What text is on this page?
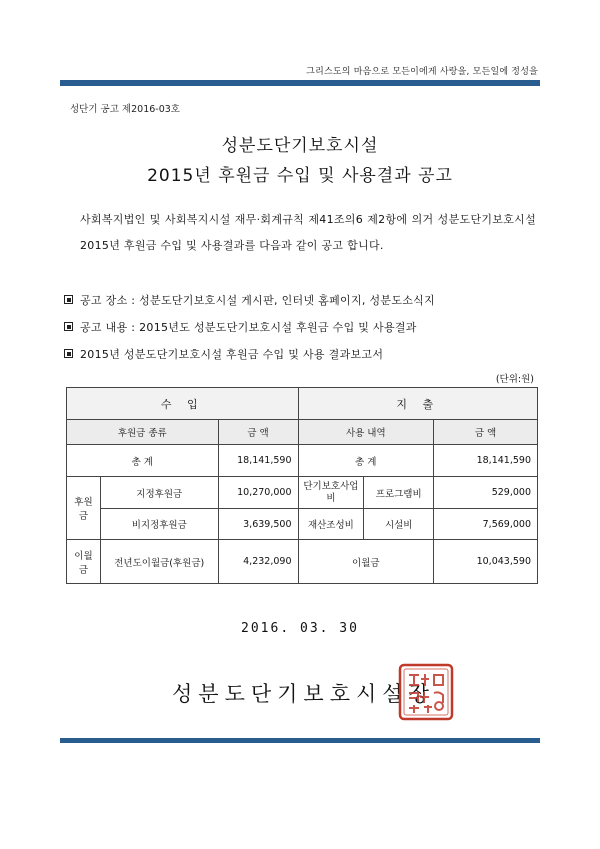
그리스도의 마음으로 모든이에게 사랑을, 모든일에 정성을
성단기 공고 제2016-03호
성분도단기보호시설
2015년 후원금 수입 및 사용결과 공고

사회복지법인 및 사회복지시설 재무·회계규칙 제41조의6 제2항에 의거 성분도단기보호시설 2015년 후원금 수입 및 사용결과를 다음과 같이 공고 합니다.

공고 장소 : 성분도단기보호시설 게시판, 인터넷 홈페이지, 성분도소식지
공고 내용 : 2015년도 성분도단기보호시설 후원금 수입 및 사용결과
2015년 성분도단기보호시설 후원금 수입 및 사용 결과보고서
(단위:원)
수 입			지 출		
후원금 종류		금 액	사용 내역		금 액
총 계		18,141,590	총 계		18,141,590
후원금	지정후원금	10,270,000	단기보호사업비	프로그램비	529,000
	비지정후원금	3,639,500	재산조성비	시설비	7,569,000
이월금	전년도이월금(후원금)	4,232,090	이월금		10,043,590
2016. 03. 30
성분도단기보호시설장
